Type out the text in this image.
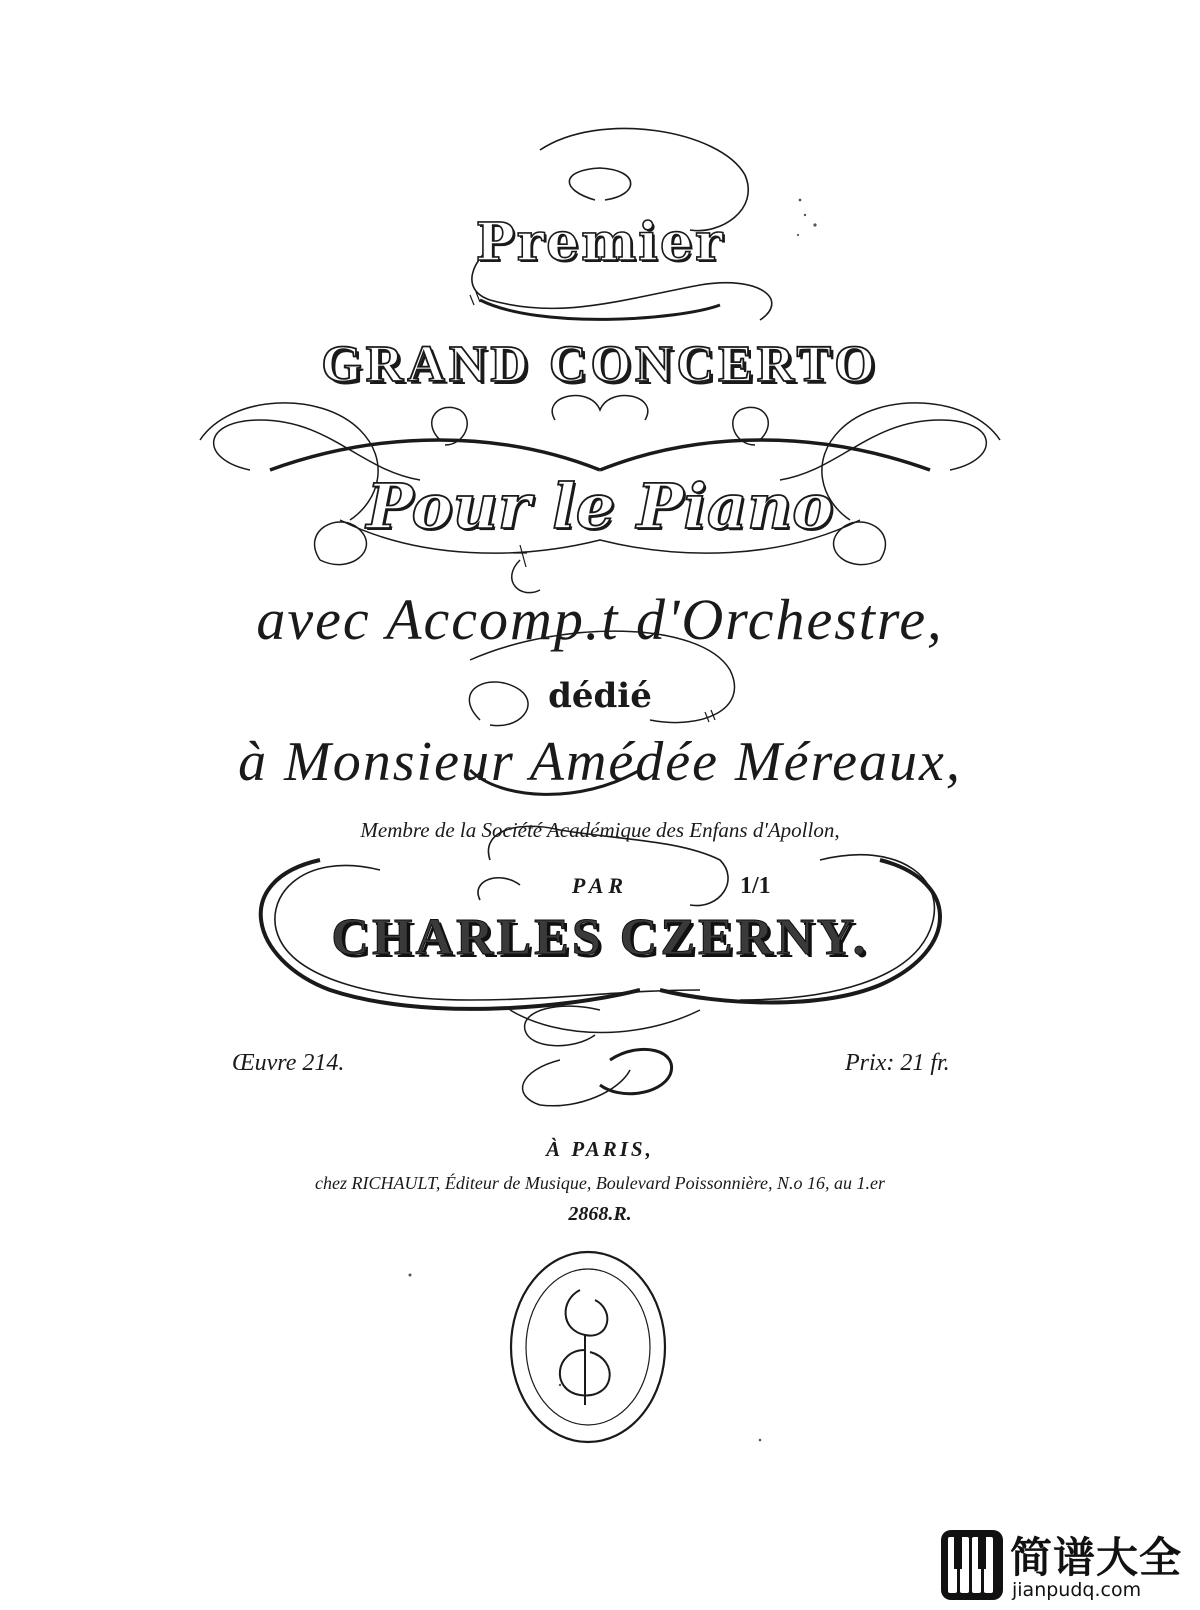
Premier
GRAND CONCERTO
Pour le Piano
avec Accomp.t d'Orchestre,
dédié
à Monsieur Amédée Méreaux,
Membre de la Société Académique des Enfans d'Apollon,
PAR	1/1
CHARLES CZERNY.
Œuvre 214.	Prix: 21 fr.
À PARIS,
chez RICHAULT, Éditeur de Musique, Boulevard Poissonnière, N.o 16, au 1.er
2868.R.
简谱大全
jianpudq.com
